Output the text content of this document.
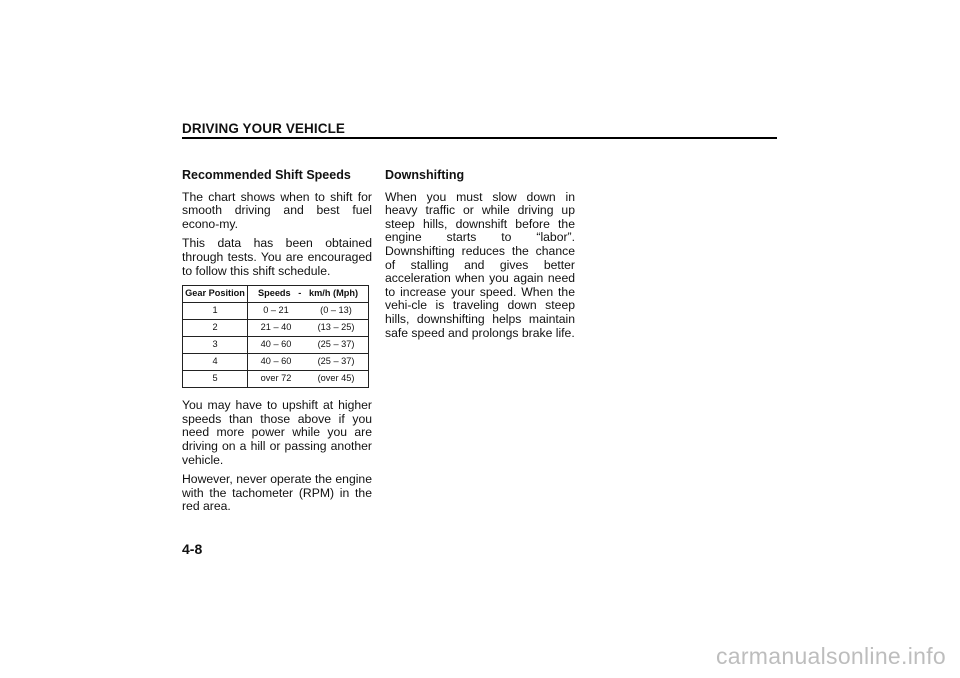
DRIVING YOUR VEHICLE
Recommended Shift Speeds

The chart shows when to shift for smooth driving and best fuel econo-my.

This data has been obtained through tests. You are encouraged to follow this shift schedule.

Gear Position	Speeds   -   km/h (Mph)
1	0 – 21 (0 – 13)

2	21 – 40 (13 – 25)

3	40 – 60 (25 – 37)

4	40 – 60 (25 – 37)

5	over 72 (over 45)

You may have to upshift at higher speeds than those above if you need more power while you are driving on a hill or passing another vehicle.

However, never operate the engine with the tachometer (RPM) in the red area.

Downshifting

When you must slow down in heavy traffic or while driving up steep hills, downshift before the engine starts to “labor”. Downshifting reduces the chance of stalling and gives better acceleration when you again need to increase your speed. When the vehi-cle is traveling down steep hills, downshifting helps maintain safe speed and prolongs brake life.

4-8
carmanualsonline.info
